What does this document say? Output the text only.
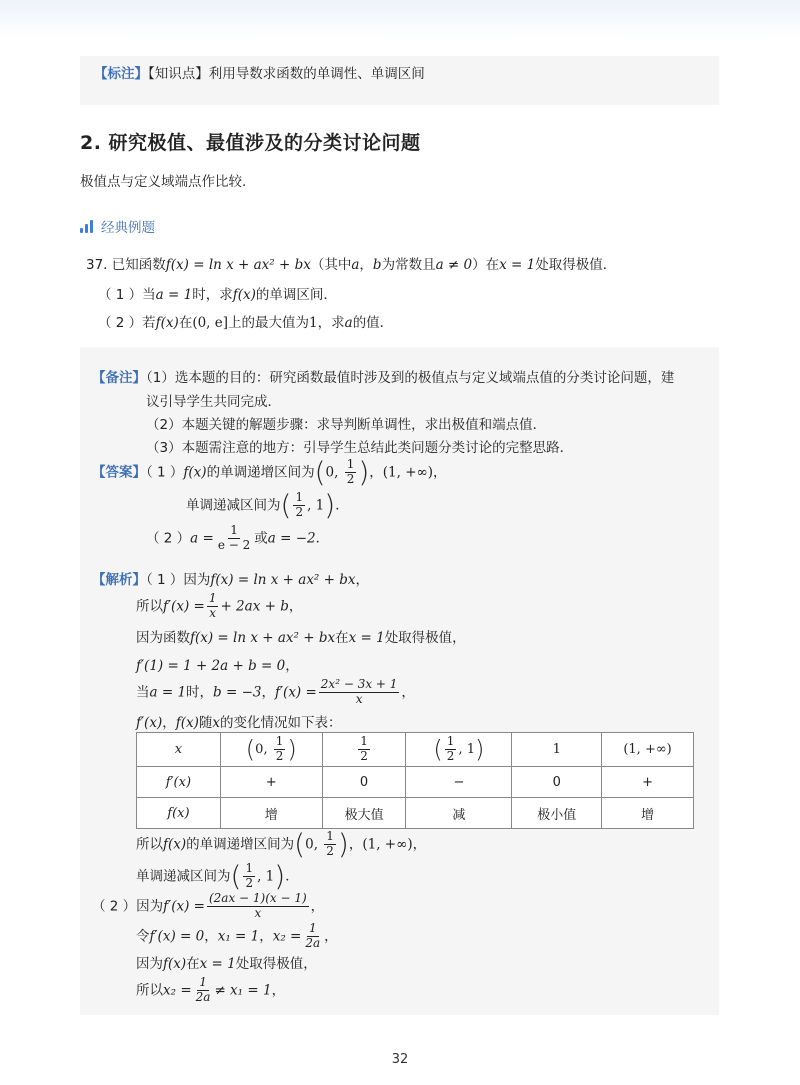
【标注】【知识点】利用导数求函数的单调性、单调区间
2. 研究极值、最值涉及的分类讨论问题
极值点与定义域端点作比较.
经典例题
37. 已知函数f(x) = ln x + ax² + bx（其中a，b为常数且a ≠ 0）在x = 1处取得极值．
（ 1 ）当a = 1时，求f(x)的单调区间．
（ 2 ）若f(x)在(0, e]上的最大值为1，求a的值．
【备注】（1）选本题的目的：研究函数最值时涉及到的极值点与定义域端点值的分类讨论问题，建
议引导学生共同完成．
（2）本题关键的解题步骤：求导判断单调性，求出极值和端点值．
（3）本题需注意的地方：引导学生总结此类问题分类讨论的完整思路．
【答案】（ 1 ）f(x)的单调递增区间为(0, $\frac{1}{2}$ )，(1, +∞)，
单调递减区间为( $\frac{1}{2}$ , 1)．
（ 2 ）$a = \frac{1}{e - 2}$ 或a = −2．
【解析】（ 1 ）因为f(x) = ln x + ax² + bx，
所以$f'(x) = \frac{1}{x} + 2ax + b$，
因为函数f(x) = ln x + ax² + bx在x = 1处取得极值，
f′(1) = 1 + 2a + b = 0，
当a = 1时，b = −3，$f'(x) = \frac{\text{2x² − 3x + 1}}{x}$ ，
f′(x)，f(x)随x的变化情况如下表：
x	(0, $\frac{1}{2}$ )	$\frac{1}{2}$	( $\frac{1}{2}$ , 1)	1	(1, +∞)
f′(x)	+	0	−	0	+
f(x)	增	极大值	减	极小值	增
所以f(x)的单调递增区间为(0, $\frac{1}{2}$ )，(1, +∞)，
单调递减区间为( $\frac{1}{2}$ , 1)．
（ 2 ）因为$f'(x) = \frac{(2ax - 1)(x - 1)}{x}$ ，
令f′(x) = 0，x₁ = 1，$x_2 = \frac{1}{2a}$ ，
因为f(x)在x = 1处取得极值，
所以$x_2 = \frac{1}{2a} \ne x_1 = 1$，
32
